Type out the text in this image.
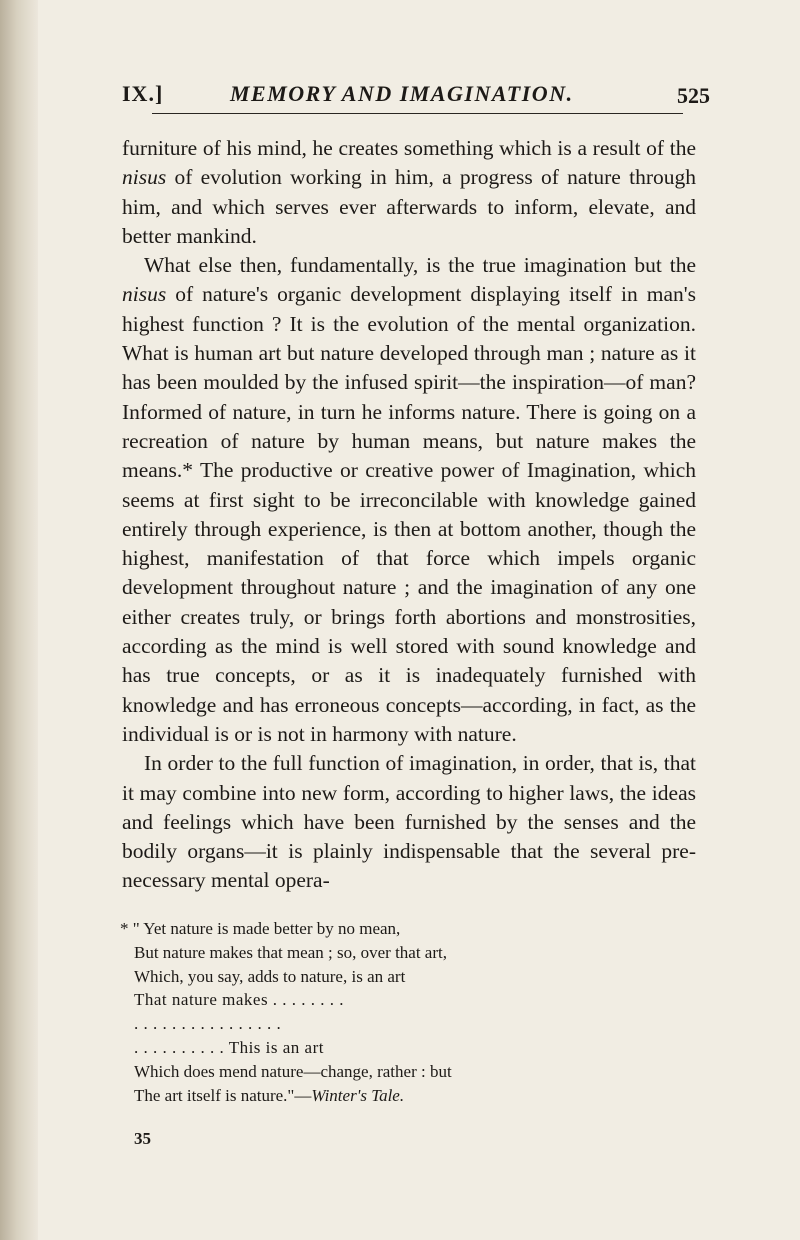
IX.]	MEMORY AND IMAGINATION.	525

furniture of his mind, he creates something which is a result of the nisus of evolution working in him, a progress of nature through him, and which serves ever afterwards to inform, elevate, and better mankind.

What else then, fundamentally, is the true imagination but the nisus of nature's organic development displaying itself in man's highest function ? It is the evolution of the mental organization. What is human art but nature developed through man ; nature as it has been moulded by the infused spirit—the inspiration—of man? Informed of nature, in turn he informs nature. There is going on a recreation of nature by human means, but nature makes the means.* The productive or creative power of Imagination, which seems at first sight to be irreconcilable with knowledge gained entirely through experience, is then at bottom another, though the highest, manifestation of that force which impels organic development throughout nature ; and the imagination of any one either creates truly, or brings forth abortions and monstrosities, according as the mind is well stored with sound knowledge and has true concepts, or as it is inadequately furnished with knowledge and has erroneous concepts—according, in fact, as the individual is or is not in harmony with nature.

In order to the full function of imagination, in order, that is, that it may combine into new form, according to higher laws, the ideas and feelings which have been furnished by the senses and the bodily organs—it is plainly indispensable that the several pre-necessary mental opera-

* " Yet nature is made better by no mean,
But nature makes that mean ; so, over that art,
Which, you say, adds to nature, is an art
That nature makes . . . . . . . .
. . . . . . . . . . . . . . . .
. . . . . . . . . . This is an art
Which does mend nature—change, rather : but
The art itself is nature."—Winter's Tale.
35
